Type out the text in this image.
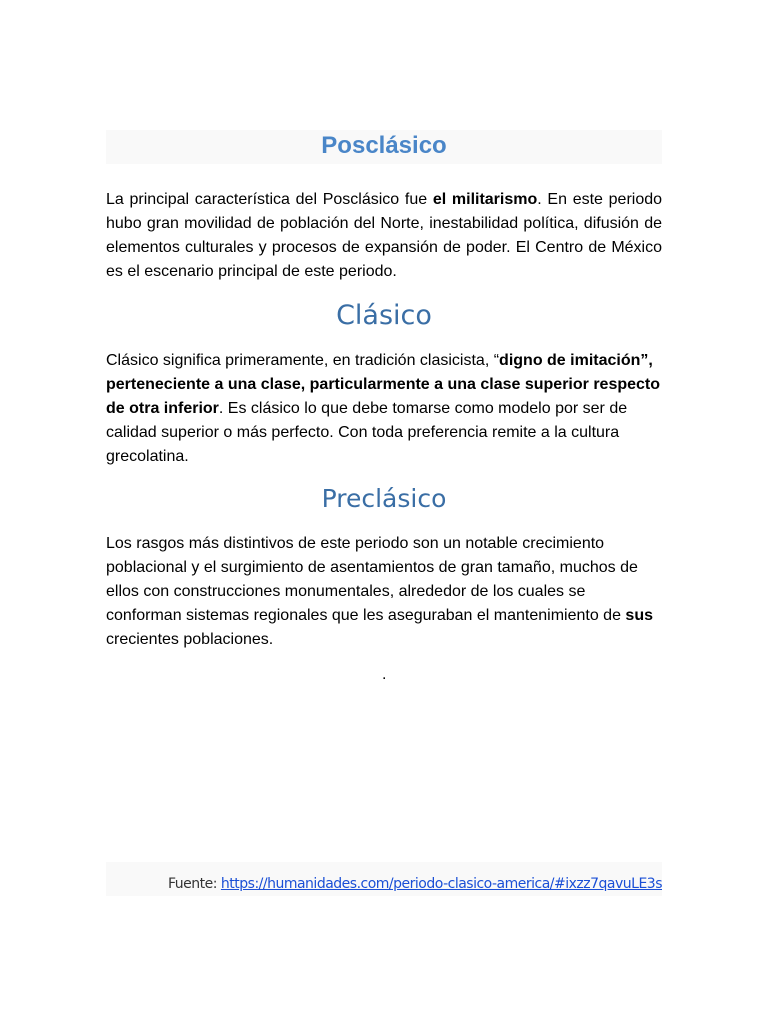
Posclásico

La principal característica del Posclásico fue el militarismo. En este periodo hubo gran movilidad de población del Norte, inestabilidad política, difusión de elementos culturales y procesos de expansión de poder. El Centro de México es el escenario principal de este periodo.

Clásico

Clásico significa primeramente, en tradición clasicista, “digno de imitación”, perteneciente a una clase, particularmente a una clase superior respecto de otra inferior. Es clásico lo que debe tomarse como modelo por ser de calidad superior o más perfecto. Con toda preferencia remite a la cultura grecolatina.

Preclásico

Los rasgos más distintivos de este periodo son un notable crecimiento poblacional y el surgimiento de asentamientos de gran tamaño, muchos de ellos con construcciones monumentales, alrededor de los cuales se conforman sistemas regionales que les aseguraban el mantenimiento de sus crecientes poblaciones.

.

Fuente: https://humanidades.com/periodo-clasico-america/#ixzz7qavuLE3s
